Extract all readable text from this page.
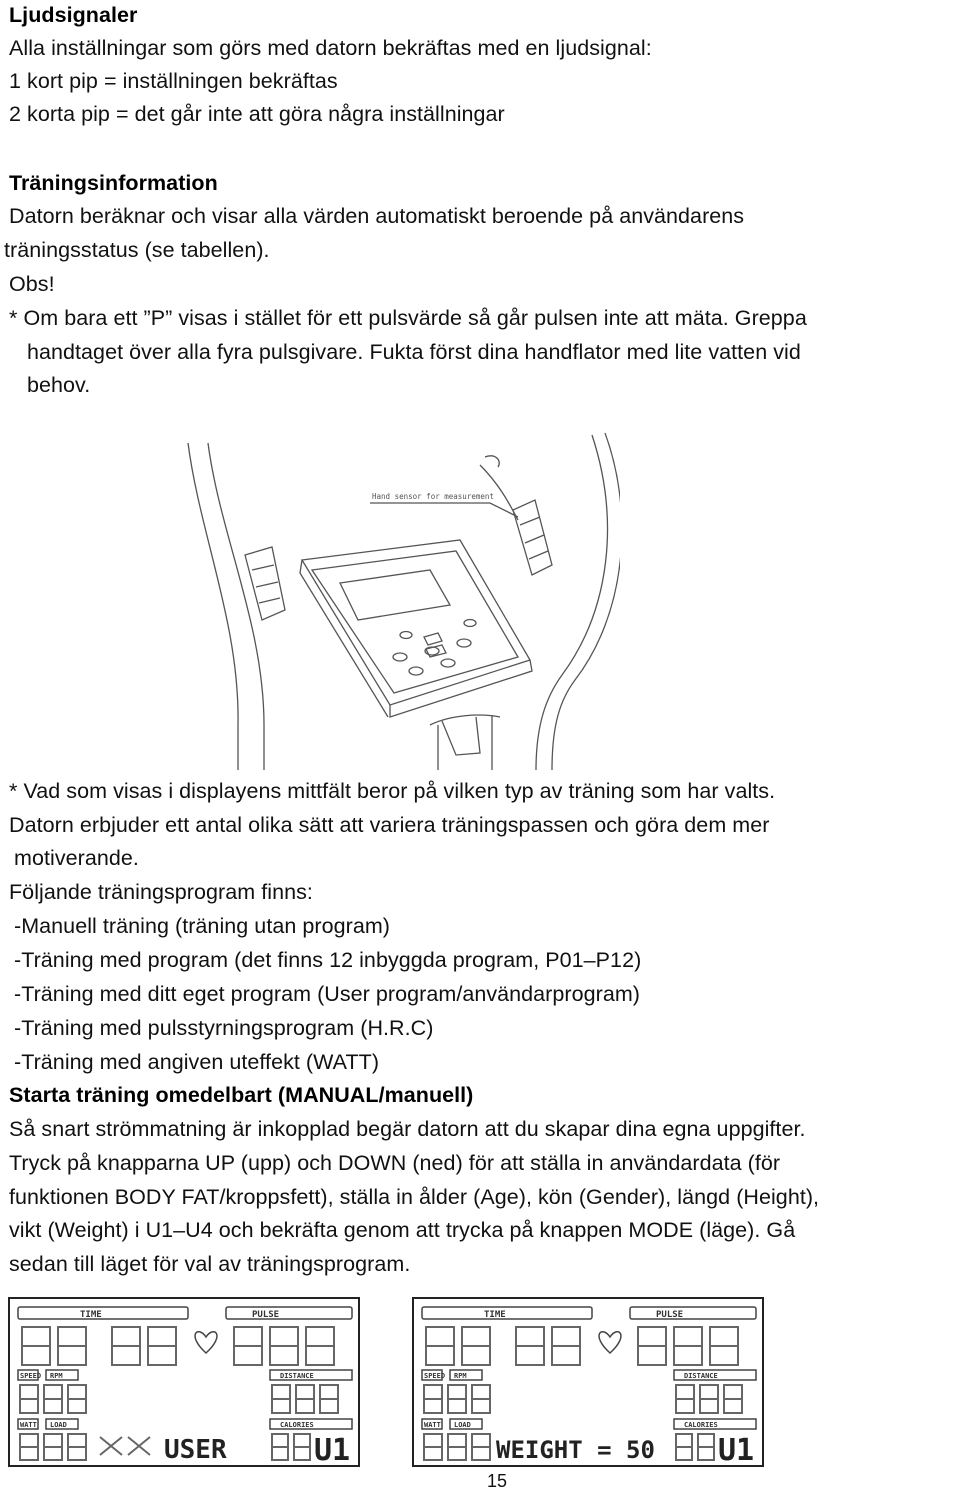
Ljudsignaler
Alla inställningar som görs med datorn bekräftas med en ljudsignal:
1 kort pip = inställningen bekräftas
2 korta pip = det går inte att göra några inställningar
Träningsinformation
Datorn beräknar och visar alla värden automatiskt beroende på användarens
träningsstatus (se tabellen).
Obs!
* Om bara ett ”P” visas i stället för ett pulsvärde så går pulsen inte att mäta. Greppa
handtaget över alla fyra pulsgivare. Fukta först dina handflator med lite vatten vid
behov.
Hand sensor for measurement
* Vad som visas i displayens mittfält beror på vilken typ av träning som har valts.
Datorn erbjuder ett antal olika sätt att variera träningspassen och göra dem mer
motiverande.
Följande träningsprogram finns:
-Manuell träning (träning utan program)
-Träning med program (det finns 12 inbyggda program, P01–P12)
-Träning med ditt eget program (User program/användarprogram)
-Träning med pulsstyrningsprogram (H.R.C)
-Träning med angiven uteffekt (WATT)
Starta träning omedelbart (MANUAL/manuell)
Så snart strömmatning är inkopplad begär datorn att du skapar dina egna uppgifter.
Tryck på knapparna UP (upp) och DOWN (ned) för att ställa in användardata (för
funktionen BODY FAT/kroppsfett), ställa in ålder (Age), kön (Gender), längd (Height),
vikt (Weight) i U1–U4 och bekräfta genom att trycka på knappen MODE (läge). Gå
sedan till läget för val av träningsprogram.
TIME	PULSE
SPEED RPM	DISTANCE
WATT LOAD	CALORIES
USER	U1
TIME	PULSE
SPEED RPM	DISTANCE
WATT LOAD	CALORIES
WEIGHT = 50 U1
15
